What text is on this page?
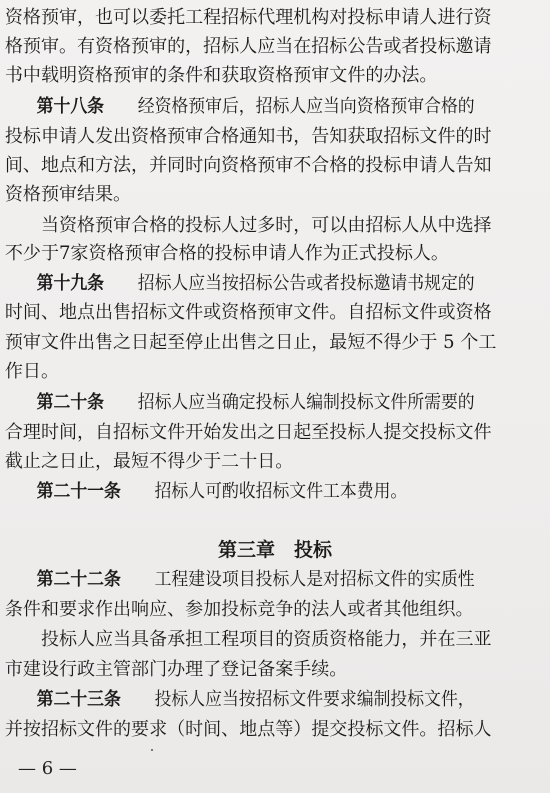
资格预审，也可以委托工程招标代理机构对投标申请人进行资
格预审。有资格预审的，招标人应当在招标公告或者投标邀请
书中载明资格预审的条件和获取资格预审文件的办法。
第十八条　　经资格预审后，招标人应当向资格预审合格的
投标申请人发出资格预审合格通知书，告知获取招标文件的时
间、地点和方法，并同时向资格预审不合格的投标申请人告知
资格预审结果。
　　当资格预审合格的投标人过多时，可以由招标人从中选择
不少于7家资格预审合格的投标申请人作为正式投标人。
第十九条　　招标人应当按招标公告或者投标邀请书规定的
时间、地点出售招标文件或资格预审文件。自招标文件或资格
预审文件出售之日起至停止出售之日止，最短不得少于 5 个工
作日。
第二十条　　招标人应当确定投标人编制投标文件所需要的
合理时间，自招标文件开始发出之日起至投标人提交投标文件
截止之日止，最短不得少于二十日。
第二十一条　　招标人可酌收招标文件工本费用。
第二十二条　　工程建设项目投标人是对招标文件的实质性
条件和要求作出响应、参加投标竞争的法人或者其他组织。
　　投标人应当具备承担工程项目的资质资格能力，并在三亚
市建设行政主管部门办理了登记备案手续。
第二十三条　　投标人应当按招标文件要求编制投标文件，
并按招标文件的要求（时间、地点等）提交投标文件。招标人
第三章　投标
— 6 —
